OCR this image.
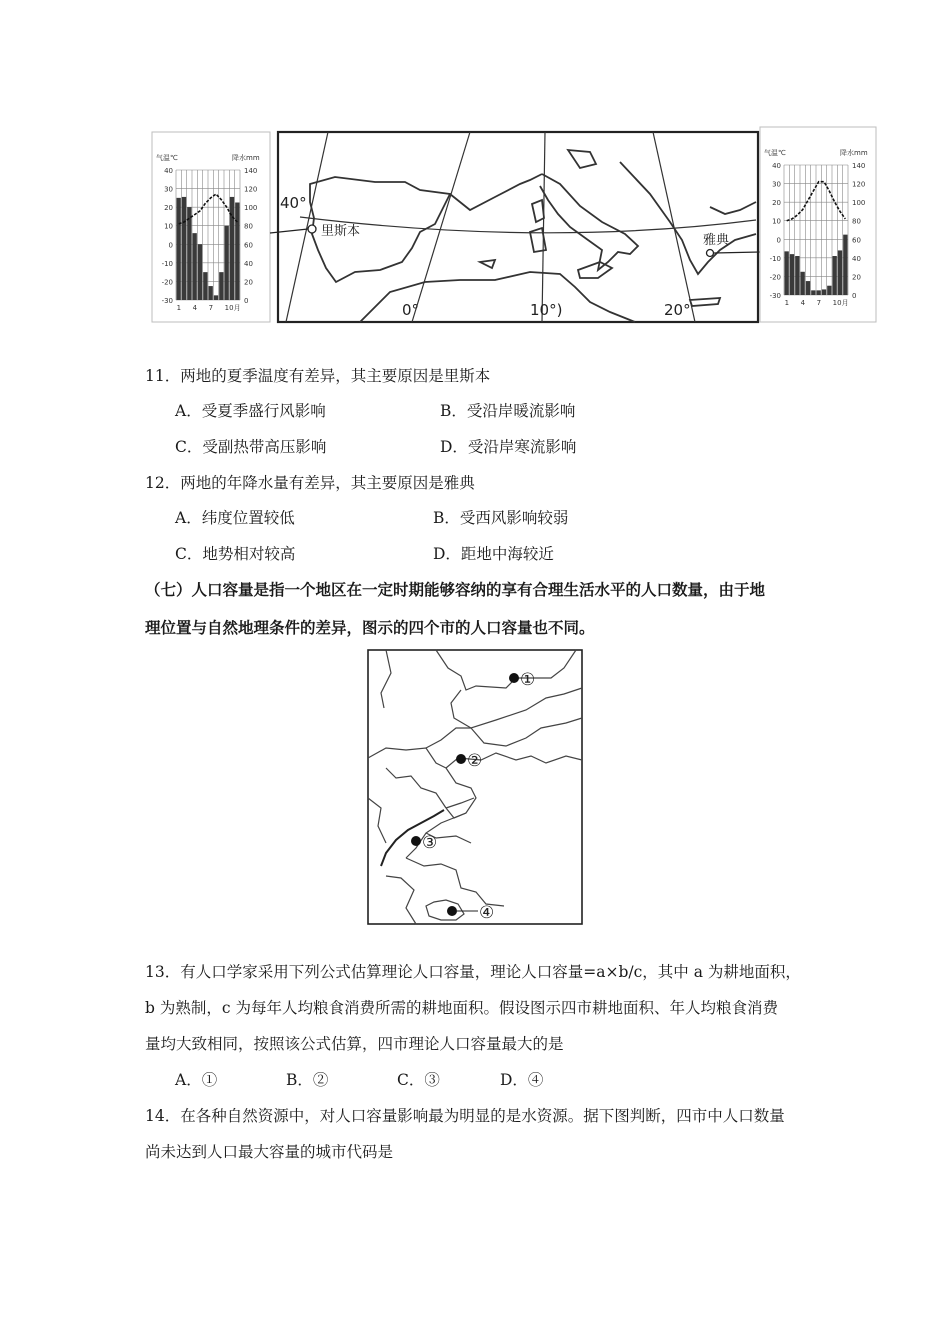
气温℃	降水mm
40	140
30	120
20	100
10	80
0	60
-10	40
-20	20
-30	0
1 4 7 10月
里斯本
雅典
40°
0°	10°)	20°
气温℃	降水mm
40	140
30	120
20	100
10	80
0	60
-10	40
-20	20
-30	0
1 4 7 10月
11．两地的夏季温度有差异，其主要原因是里斯本
A．受夏季盛行风影响	B．受沿岸暖流影响
C．受副热带高压影响	D．受沿岸寒流影响
12．两地的年降水量有差异，其主要原因是雅典
A．纬度位置较低	B．受西风影响较弱
C．地势相对较高	D．距地中海较近
（七）人口容量是指一个地区在一定时期能够容纳的享有合理生活水平的人口数量，由于地
理位置与自然地理条件的差异，图示的四个市的人口容量也不同。
①
②
③
④
13．有人口学家采用下列公式估算理论人口容量，理论人口容量=a×b/c，其中 a 为耕地面积，
b 为熟制，c 为每年人均粮食消费所需的耕地面积。假设图示四市耕地面积、年人均粮食消费
量均大致相同，按照该公式估算，四市理论人口容量最大的是
A．①	B．②	C．③	D．④
14．在各种自然资源中，对人口容量影响最为明显的是水资源。据下图判断，四市中人口数量
尚未达到人口最大容量的城市代码是
